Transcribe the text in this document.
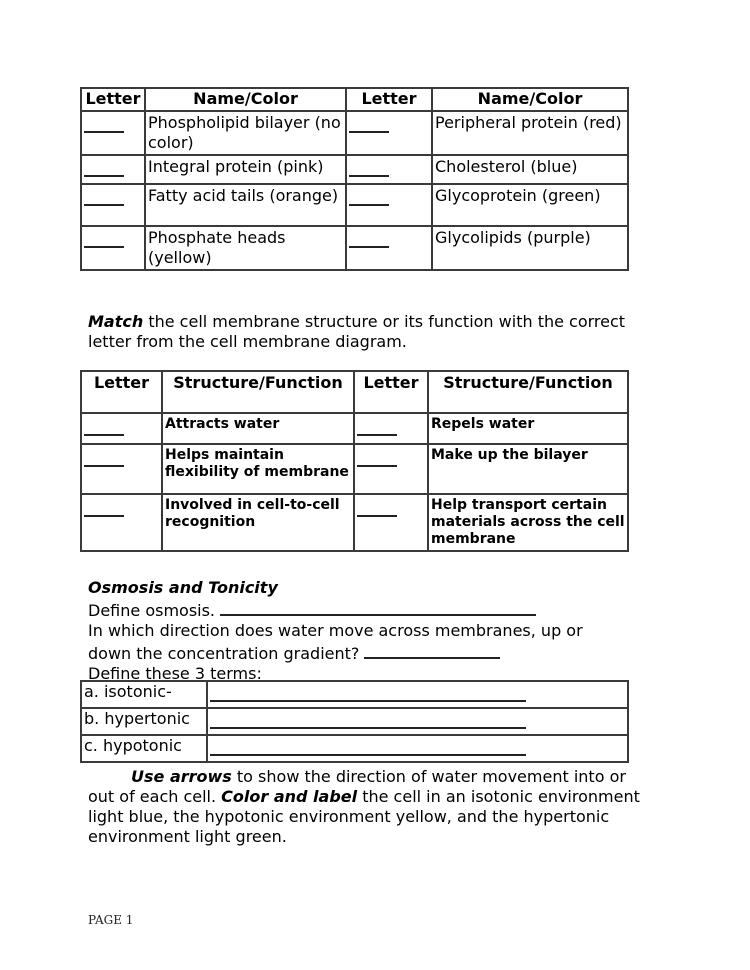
Letter	Name/Color	Letter	Name/Color
	Phospholipid bilayer (no color)		Peripheral protein (red)
	Integral protein (pink)		Cholesterol (blue)
	Fatty acid tails (orange)		Glycoprotein (green)
	Phosphate heads (yellow)		Glycolipids (purple)
Match the cell membrane structure or its function with the correct letter from the cell membrane diagram.
Letter	Structure/Function	Letter	Structure/Function
	Attracts water		Repels water
	Helps maintain flexibility of membrane		Make up the bilayer
	Involved in cell-to-cell recognition		Help transport certain materials across the cell membrane
Osmosis and Tonicity
Define osmosis.
In which direction does water move across membranes, up or
down the concentration gradient?
Define these 3 terms:
a. isotonic-	
b. hypertonic	
c. hypotonic	
Use arrows to show the direction of water movement into or out of each cell. Color and label the cell in an isotonic environment light blue, the hypotonic environment yellow, and the hypertonic environment light green.
PAGE 1
